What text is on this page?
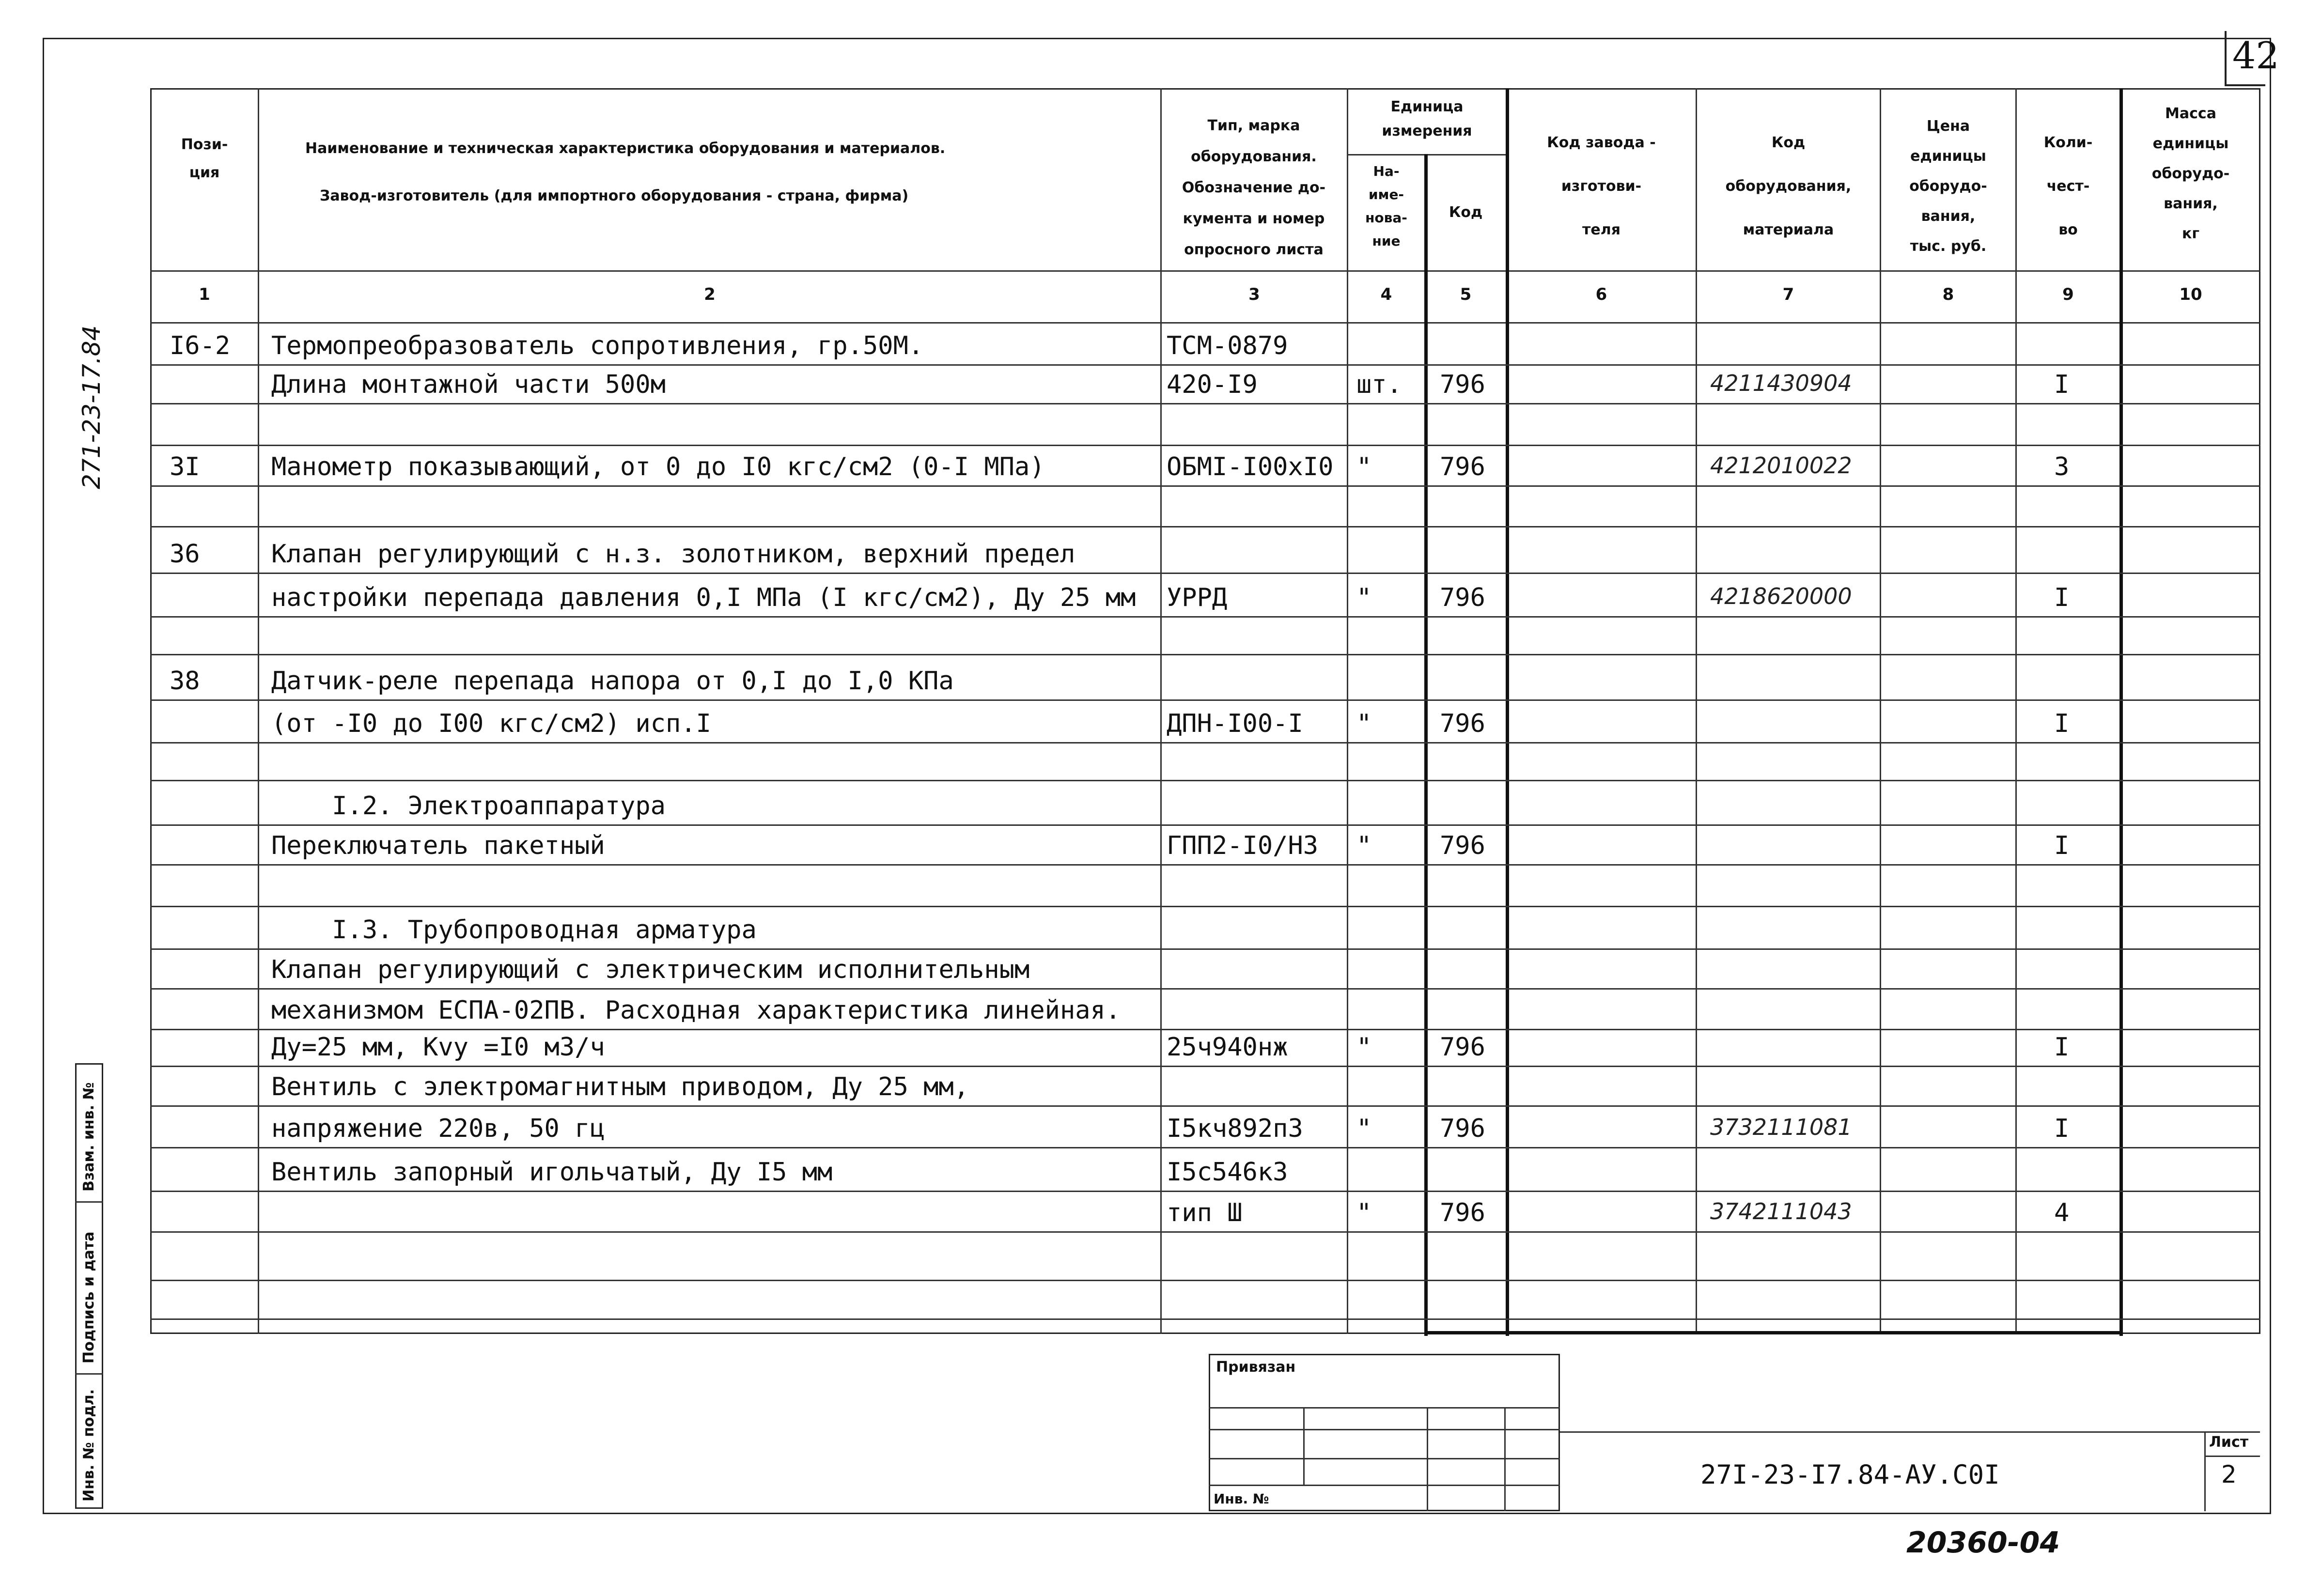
42
Пози-
ция
Наименование и техническая характеристика оборудования и материалов.
Завод-изготовитель (для импортного оборудования - страна, фирма)
Тип, марка
оборудования.
Обозначение до-
кумента и номер
опросного листа
Единица
измерения
На-
име-
нова-
ние
Код
Код завода -
изготови-
теля
Код
оборудования,
материала
Цена
единицы
оборудо-
вания,
тыс. руб.
Коли-
чест-
во
Масса
единицы
оборудо-
вания,
кг
1	2	3	4	5	6	7	8	9	10
I6-2 Термопреобразователь сопротивления, гр.50М.	ТСМ-0879
Длина монтажной части 500м	420-I9	шт. 796	4211430904	I
3I	Манометр показывающий, от 0 до I0 кгс/см2 (0-I МПа)	ОБМI-I00хI0 "	796	4212010022	3
36	Клапан регулирующий с н.з. золотником, верхний предел
настройки перепада давления 0,I МПа (I кгс/см2), Ду 25 мм УРРД	"	796	4218620000	I
38	Датчик-реле перепада напора от 0,I до I,0 КПа
(от -I0 до I00 кгс/см2) исп.I	ДПН-I00-I "	796	I
I.2. Электроаппаратура
Переключатель пакетный	ГПП2-I0/Н3 "	796	I
I.3. Трубопроводная арматура
Клапан регулирующий с электрическим исполнительным
механизмом ЕСПА-02ПВ. Расходная характеристика линейная.
Ду=25 мм, Кvу =I0 м3/ч	25ч940нж	"	796	I
Вентиль с электромагнитным приводом, Ду 25 мм,
напряжение 220в, 50 гц	I5кч892п3 "	796	3732111081	I
Вентиль запорный игольчатый, Ду I5 мм	I5с546к3
тип Ш	"	796	3742111043	4
271-23-17.84
Взам. инв. №
Подпись и дата
Инв. № подл.
Привязан
Инв. №
27I-23-I7.84-АУ.С0I
Лист
2
20360-04
